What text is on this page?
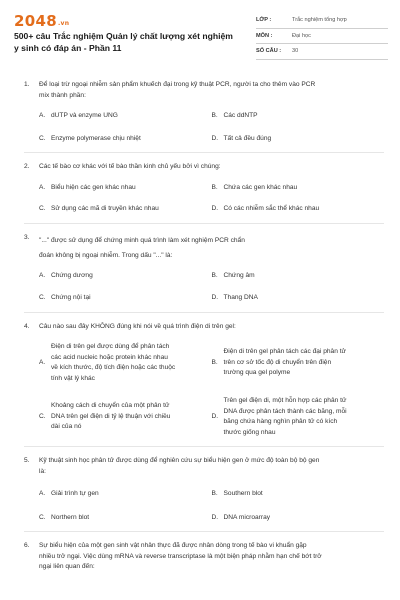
2048.vn
500+ câu Trắc nghiệm Quản lý chất lượng xét nghiệm y sinh có đáp án - Phần 11
LỚP :	Trắc nghiệm tổng hợp
MÔN :	Đại học
SỐ CÂU :	30
1.	Để loại trừ ngoại nhiễm sản phẩm khuếch đại trong kỹ thuật PCR, người ta cho thêm vào PCR

mix thành phần:

A. dUTP và enzyme UNG	B. Các ddNTP
C. Enzyme polymerase chịu nhiệt	D. Tất cả đều đúng
2.	Các tế bào cơ khác với tế bào thần kinh chủ yếu bởi vì chúng:

A. Biểu hiện các gen khác nhau	B. Chứa các gen khác nhau
C. Sử dụng các mã di truyền khác nhau	D. Có các nhiễm sắc thể khác nhau
3.	"..." được sử dụng để chứng minh quá trình làm xét nghiệm PCR chẩn

đoán không bị ngoại nhiễm. Trong dấu "..." là:

A. Chứng dương	B. Chứng âm
C. Chứng nội tại	D. Thang DNA
4.	Câu nào sau đây KHÔNG đúng khi nói về quá trình điện di trên gel:

A.

Điện di trên gel được dùng để phân tách

các acid nucleic hoặc protein khác nhau

về kích thước, độ tích điện hoặc các thuộc

tính vật lý khác

B.

Điện di trên gel phân tách các đại phân tử

trên cơ sở tốc độ di chuyển trên điện

trường qua gel polyme

C.

Khoảng cách di chuyển của một phân tử

DNA trên gel điện di tỷ lệ thuận với chiều

dài của nó

D.

Trên gel điện di, một hỗn hợp các phân tử

DNA được phân tách thành các băng, mỗi

băng chứa hàng nghìn phân tử có kích

thước giống nhau

5.	Kỹ thuật sinh học phân tử được dùng để nghiên cứu sự biểu hiện gen ở mức độ toàn bộ bộ gen

là:

A. Giải trình tự gen	B. Southern blot
C. Northern blot	D. DNA microarray
6.	Sự biểu hiện của một gen sinh vật nhân thực đã được nhân dòng trong tế bào vi khuẩn gặp

nhiều trở ngại. Việc dùng mRNA và reverse transcriptase là một biện pháp nhằm hạn chế bớt trở

ngại liên quan đến:
